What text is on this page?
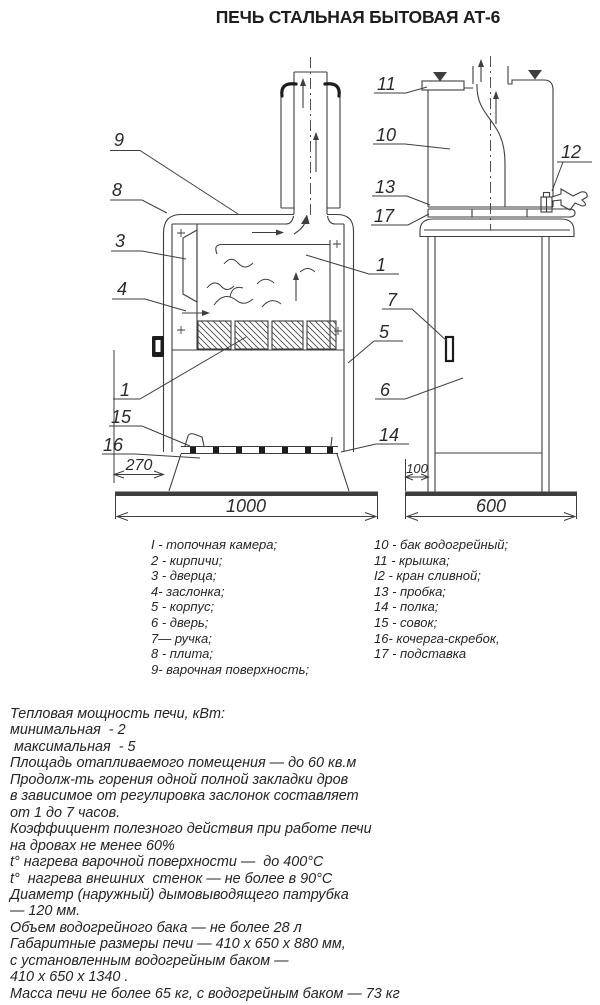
ПЕЧЬ СТАЛЬНАЯ БЫТОВАЯ АТ-6
270
1000
100
600
9
8
3
4
1
15
16
11
10
13
17
12
1
7
5
6
14
I - топочная камера;
2 - кирпичи;
3 - дверца;
4- заслонка;
5 - корпус;
6 - дверь;
7— ручка;
8 - плита;
9- варочная поверхность;
10 - бак водогрейный;
11 - крышка;
I2 - кран сливной;
13 - пробка;
14 - полка;
15 - совок;
16- кочерга-скребок,
17 - подставка
Тепловая мощность печи, кВт:
минимальная  - 2
максимальная  - 5
Площадь отапливаемого помещения — до 60 кв.м
Продолж-ть горения одной полной закладки дров
в зависимое от регулировка заслонок составляет
от 1 до 7 часов.
Коэффициент полезного действия при работе печи
на дровах не менее 60%
t° нагрева варочной поверхности —  до 400°С
t°  нагрева внешних  стенок — не более в 90°С
Диаметр (наружный) дымовыводящего патрубка
— 120 мм.
Объем водогрейного бака — не более 28 л
Габаритные размеры печи — 410 х 650 х 880 мм,
с установленным водогрейным баком —
410 х 650 х 1340 .
Масса печи не более 65 кг, с водогрейным баком — 73 кг
